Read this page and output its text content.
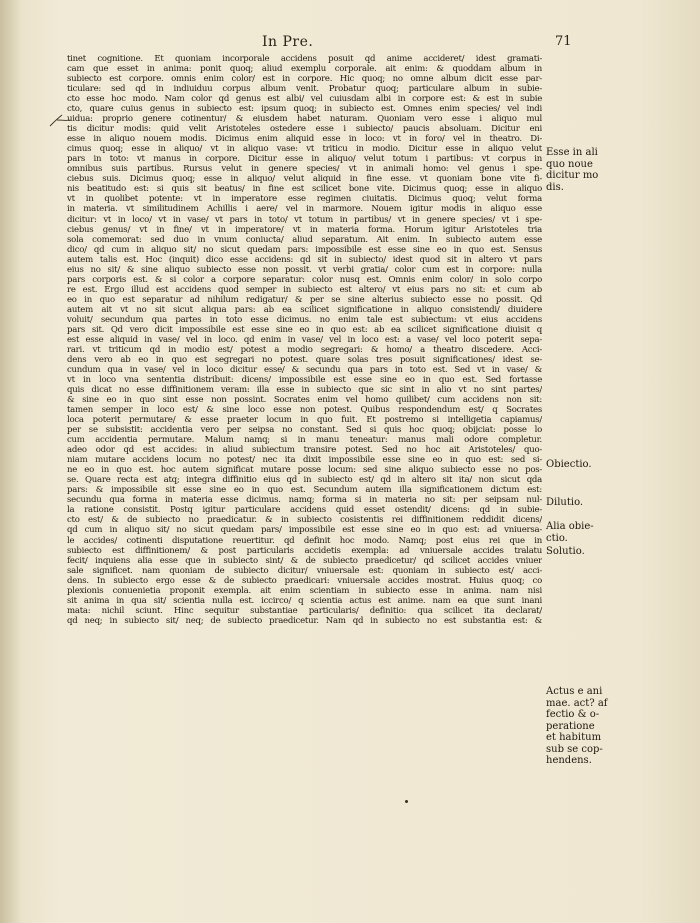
In Pre.	71
tinet cognitione. Et quoniam incorporale accidens posuit qd anime accideret/ idest gramati-
cam que esset in anima: ponit quoq; aliud exemplu corporale. ait enim: & quoddam album in
subiecto est corpore. omnis enim color/ est in corpore. Hic quoq; no omne album dicit esse par-
ticulare: sed qd in indiuiduu corpus album venit. Probatur quoq; particulare album in subie-
cto esse hoc modo. Nam color qd genus est albi/ vel cuiusdam albi in corpore est: & est in subie
cto, quare cuius genus in subiecto est: ipsum quoq; in subiecto est. Omnes enim species/ vel indi
uidua: proprio genere cotinentur/ & eiusdem habet naturam. Quoniam vero esse i aliquo mul
tis dicitur modis: quid velit Aristoteles ostedere esse i subiecto/ paucis absoluam. Dicitur eni
esse in aliquo nouem modis. Dicimus enim aliquid esse in loco: vt in foro/ vel in theatro. Di-
cimus quoq; esse in aliquo/ vt in aliquo vase: vt triticu in modio. Dicitur esse in aliquo velut
pars in toto: vt manus in corpore. Dicitur esse in aliquo/ velut totum i partibus: vt corpus in
omnibus suis partibus. Rursus velut in genere species/ vt in animali homo: vel genus i spe-
ciebus suis. Dicimus quoq; esse in aliquo/ velut aliquid in fine esse. vt quoniam bone vite fi-
nis beatitudo est: si quis sit beatus/ in fine est scilicet bone vite. Dicimus quoq; esse in aliquo
vt in quolibet potente: vt in imperatore esse regimen ciuitatis. Dicimus quoq; velut forma
in materia. vt similitudinem Achillis i aere/ vel in marmore. Nouem igitur modis in aliquo esse
dicitur: vt in loco/ vt in vase/ vt pars in toto/ vt totum in partibus/ vt in genere species/ vt i spe-
ciebus genus/ vt in fine/ vt in imperatore/ vt in materia forma. Horum igitur Aristoteles tria
sola comemorat: sed duo in vnum coniucta/ aliud separatum. Ait enim. In subiecto autem esse
dico/ qd cum in aliquo sit/ no sicut quedam pars: impossibile est esse sine eo in quo est. Sensus
autem talis est. Hoc (inquit) dico esse accidens: qd sit in subiecto/ idest quod sit in altero vt pars
eius no sit/ & sine aliquo subiecto esse non possit. vt verbi gratia/ color cum est in corpore: nulla
pars corporis est. & si color a corpore separatur: color nusq est. Omnis enim color/ in solo corpo
re est. Ergo illud est accidens quod semper in subiecto est altero/ vt eius pars no sit: et cum ab
eo in quo est separatur ad nihilum redigatur/ & per se sine alterius subiecto esse no possit. Qd
autem ait vt no sit sicut aliqua pars: ab ea scilicet significatione in aliquo consistendi/ diuidere
voluit/ secundum qua partes in toto esse dicimus. no enim tale est subiectum: vt eius accidens
pars sit. Qd vero dicit impossibile est esse sine eo in quo est: ab ea scilicet significatione diuisit q
est esse aliquid in vase/ vel in loco. qd enim in vase/ vel in loco est: a vase/ vel loco poterit sepa-
rari. vt triticum qd in modio est/ potest a modio segregari: & homo/ a theatro discedere. Acci-
dens vero ab eo in quo est segregari no potest. quare solas tres posuit significationes/ idest se-
cundum qua in vase/ vel in loco dicitur esse/ & secundu qua pars in toto est. Sed vt in vase/ &
vt in loco vna sententia distribuit: dicens/ impossibile est esse sine eo in quo est. Sed fortasse
quis dicat no esse diffinitionem veram: illa esse in subiecto que sic sint in alio vt no sint partes/
& sine eo in quo sint esse non possint. Socrates enim vel homo quilibet/ cum accidens non sit:
tamen semper in loco est/ & sine loco esse non potest. Quibus respondendum est/ q Socrates
loca poterit permutare/ & esse praeter locum in quo fuit. Et postremo si intelligetia capiamus/
per se subsistit: accidentia vero per seipsa no constant. Sed si quis hoc quoq; obijciat: posse lo
cum accidentia permutare. Malum namq; si in manu teneatur: manus mali odore completur.
adeo odor qd est accides: in aliud subiectum transire potest. Sed no hoc ait Aristoteles/ quo-
niam mutare accidens locum no potest/ nec ita dixit impossibile esse sine eo in quo est: sed si-
ne eo in quo est. hoc autem significat mutare posse locum: sed sine aliquo subiecto esse no pos-
se. Quare recta est atq; integra diffinitio eius qd in subiecto est/ qd in altero sit ita/ non sicut qda
pars: & impossibile sit esse sine eo in quo est. Secundum autem illa significationem dictum est:
secundu qua forma in materia esse dicimus. namq; forma si in materia no sit: per seipsam nul-
la ratione consistit. Postq igitur particulare accidens quid esset ostendit/ dicens: qd in subie-
cto est/ & de subiecto no praedicatur. & in subiecto cosistentis rei diffinitionem reddidit dicens/
qd cum in aliquo sit/ no sicut quedam pars/ impossibile est esse sine eo in quo est: ad vniuersa-
le accides/ cotinenti disputatione reuertitur. qd definit hoc modo. Namq; post eius rei que in
subiecto est diffinitionem/ & post particularis accidetis exempla: ad vniuersale accides tralatu
fecit/ inquiens alia esse que in subiecto sint/ & de subiecto praedicetur/ qd scilicet accides vniuer
sale significet. nam quoniam de subiecto dicitur/ vniuersale est: quoniam in subiecto est/ acci-
dens. In subiecto ergo esse & de subiecto praedicari: vniuersale accides mostrat. Huius quoq; co
plexionis conuenietia proponit exempla. ait enim scientiam in subiecto esse in anima. nam nisi
sit anima in qua sit/ scientia nulla est. iccirco/ q scientia actus est anime. nam ea que sunt inani
mata: nichil sciunt. Hinc sequitur substantiae particularis/ definitio: qua scilicet ita declarat/
qd neq; in subiecto sit/ neq; de subiecto praedicetur. Nam qd in subiecto no est substantia est: &
Esse in ali
quo noue
dicitur mo
dis.
Obiectio.
Dilutio.
Alia obie-
ctio.
Solutio.
Actus e ani
mae. act? af
fectio & o-
peratione
et habitum
sub se cop-
hendens.
